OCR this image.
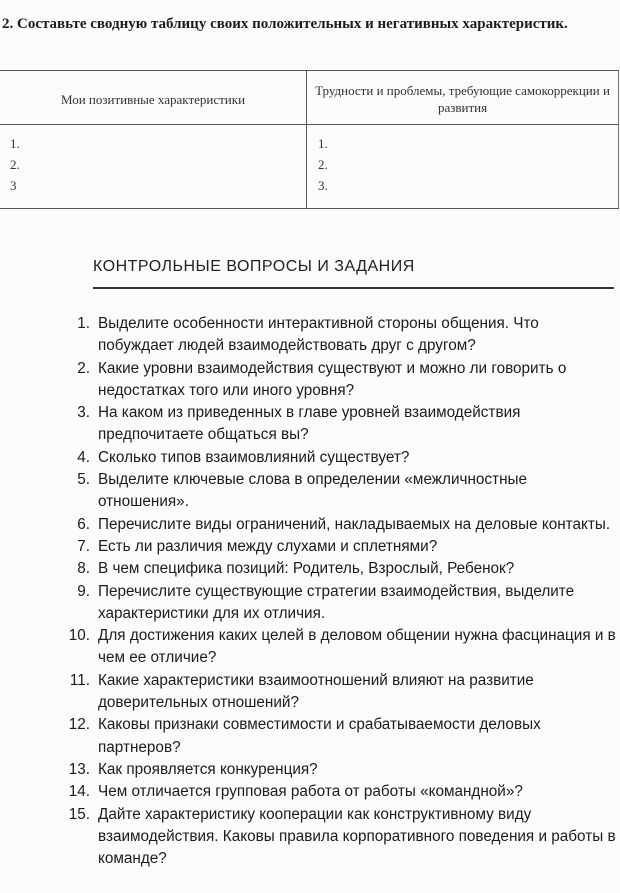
2. Составьте сводную таблицу своих положительных и негативных характеристик.
Мои позитивные характеристики
Трудности и проблемы, требующие самокоррекции и развития
1.
2.
3
1.
2.
3.
КОНТРОЛЬНЫЕ ВОПРОСЫ И ЗАДАНИЯ
1. Выделите особенности интерактивной стороны общения. Что побуждает людей взаимодействовать друг с другом?
2. Какие уровни взаимодействия существуют и можно ли говорить о недостатках того или иного уровня?
3. На каком из приведенных в главе уровней взаимодействия предпочитаете общаться вы?
4. Сколько типов взаимовлияний существует?
5. Выделите ключевые слова в определении «межличностные отношения».
6. Перечислите виды ограничений, накладываемых на деловые контакты.
7. Есть ли различия между слухами и сплетнями?
8. В чем специфика позиций: Родитель, Взрослый, Ребенок?
9. Перечислите существующие стратегии взаимодействия, выделите характеристики для их отличия.
10. Для достижения каких целей в деловом общении нужна фасцинация и в чем ее отличие?
11. Какие характеристики взаимоотношений влияют на развитие доверительных отношений?
12. Каковы признаки совместимости и срабатываемости деловых партнеров?
13. Как проявляется конкуренция?
14. Чем отличается групповая работа от работы «командной»?
15. Дайте характеристику кооперации как конструктивному виду взаимодействия. Каковы правила корпоративного поведения и работы в команде?
